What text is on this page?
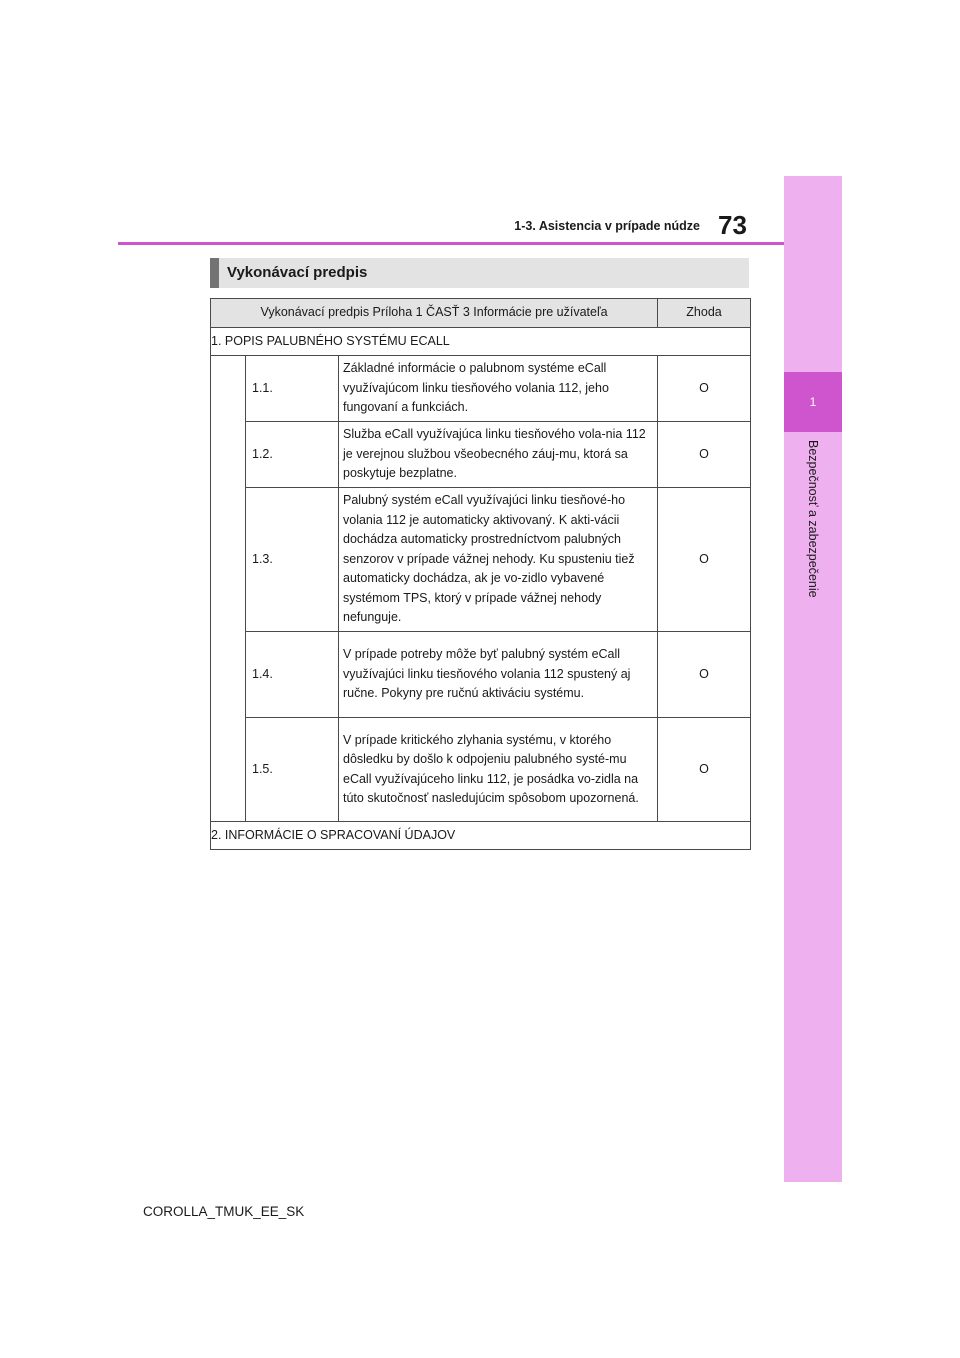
1
Bezpečnosť a zabezpečenie
1-3. Asistencia v prípade núdze 73
Vykonávací predpis
Vykonávací predpis Príloha 1 ČASŤ 3 Informácie pre užívateľa			Zhoda
1. POPIS PALUBNÉHO SYSTÉMU ECALL			
	1.1.	Základné informácie o palubnom systéme eCall využívajúcom linku tiesňového volania 112, jeho fungovaní a funkciách.	O
	1.2.	Služba eCall využívajúca linku tiesňového vola-nia 112 je verejnou službou všeobecného záuj-mu, ktorá sa poskytuje bezplatne.	O
	1.3.	Palubný systém eCall využívajúci linku tiesňové-ho volania 112 je automaticky aktivovaný. K akti-vácii dochádza automaticky prostredníctvom palubných senzorov v prípade vážnej nehody. Ku spusteniu tiež automaticky dochádza, ak je vo-zidlo vybavené systémom TPS, ktorý v prípade vážnej nehody nefunguje.	O
	1.4.	V prípade potreby môže byť palubný systém eCall využívajúci linku tiesňového volania 112 spustený aj ručne. Pokyny pre ručnú aktiváciu systému.	O
	1.5.	V prípade kritického zlyhania systému, v ktorého dôsledku by došlo k odpojeniu palubného systé-mu eCall využívajúceho linku 112, je posádka vo-zidla na túto skutočnosť nasledujúcim spôsobom upozornená.	O
2. INFORMÁCIE O SPRACOVANÍ ÚDAJOV			
COROLLA_TMUK_EE_SK
